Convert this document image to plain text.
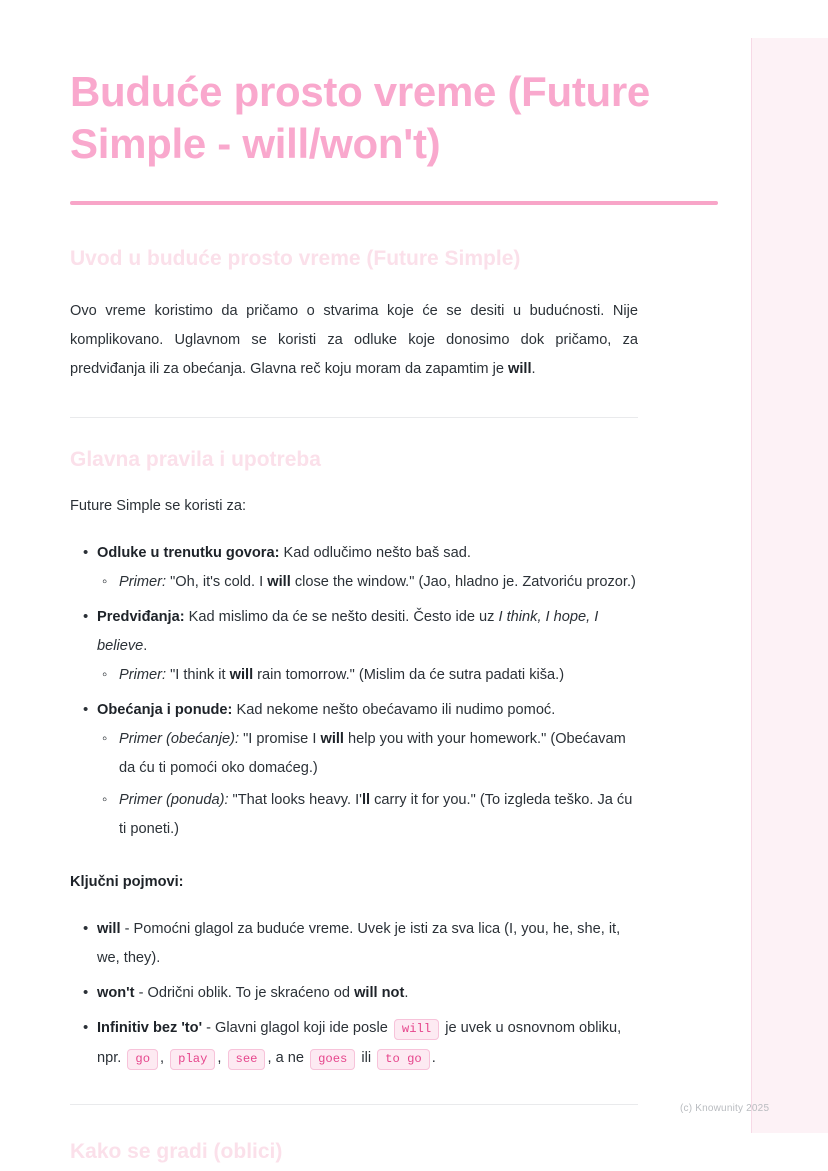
Buduće prosto vreme (Future Simple - will/won't)
Uvod u buduće prosto vreme (Future Simple)

Ovo vreme koristimo da pričamo o stvarima koje će se desiti u budućnosti. Nije komplikovano. Uglavnom se koristi za odluke koje donosimo dok pričamo, za predviđanja ili za obećanja. Glavna reč koju moram da zapamtim je will.

Glavna pravila i upotreba

Future Simple se koristi za:

• Odluke u trenutku govora: Kad odlučimo nešto baš sad.
◦ Primer: "Oh, it's cold. I will close the window." (Jao, hladno je. Zatvoriću prozor.)
• Predviđanja: Kad mislimo da će se nešto desiti. Često ide uz I think, I hope, I believe.
◦ Primer: "I think it will rain tomorrow." (Mislim da će sutra padati kiša.)
• Obećanja i ponude: Kad nekome nešto obećavamo ili nudimo pomoć.
◦ Primer (obećanje): "I promise I will help you with your homework." (Obećavam da ću ti pomoći oko domaćeg.)
◦ Primer (ponuda): "That looks heavy. I'll carry it for you." (To izgleda teško. Ja ću ti poneti.)

Ključni pojmovi:

• will - Pomoćni glagol za buduće vreme. Uvek je isti za sva lica (I, you, he, she, it, we, they).
• won't - Odrični oblik. To je skraćeno od will not.
• Infinitiv bez 'to' - Glavni glagol koji ide posle will je uvek u osnovnom obliku, npr. go , play , see , a ne goes ili to go .
Kako se gradi (oblici)
(c) Knowunity 2025
